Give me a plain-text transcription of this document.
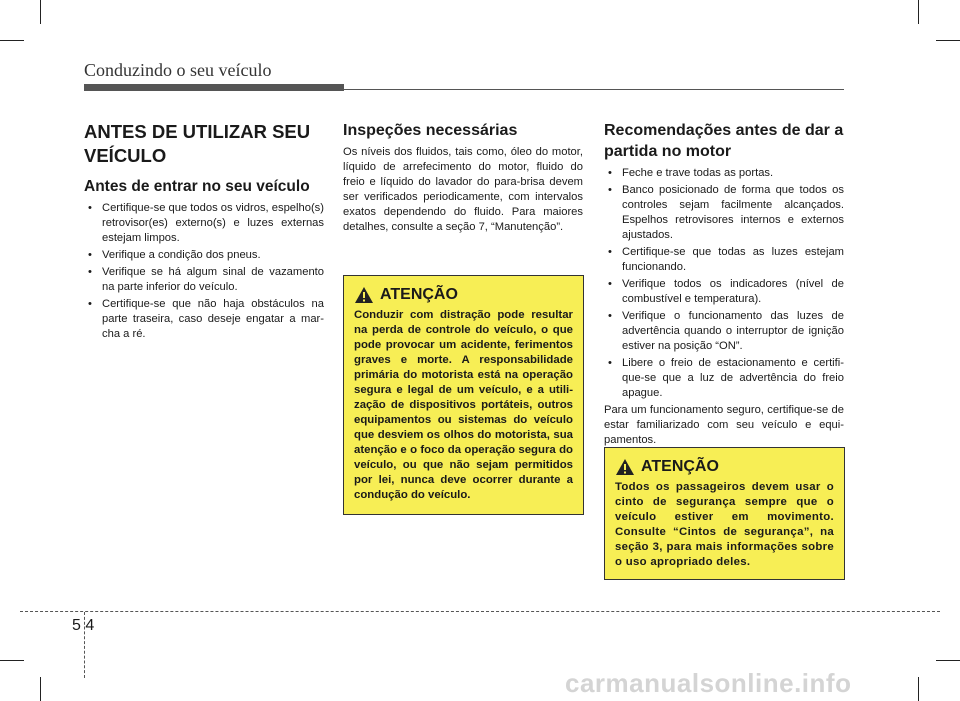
Conduzindo o seu veículo
ANTES DE UTILIZAR SEU VEÍCULO
Antes de entrar no seu veículo
• Certifique-se que todos os vidros, espelho(s) retrovisor(es) externo(s) e luzes externas estejam limpos.
• Verifique a condição dos pneus.
• Verifique se há algum sinal de vazamento na parte inferior do veículo.
• Certifique-se que não haja obstáculos na parte traseira, caso deseje engatar a marcha a ré.
Inspeções necessárias

Os níveis dos fluidos, tais como, óleo do motor, líquido de arrefecimento do motor, fluido do freio e líquido do lavador do para-brisa devem ser verificados periodicamente, com intervalos exatos dependendo do fluido. Para maiores detalhes, consulte a seção 7, “Manutenção”.

ATENÇÃO
Conduzir com distração pode resultar na perda de controle do veículo, o que pode provocar um acidente, ferimentos graves e morte. A responsabilidade primária do motorista está na operação segura e legal de um veículo, e a utilização de dispositivos portáteis, outros equipamentos ou sistemas do veículo que desviem os olhos do motorista, sua atenção e o foco da operação segura do veículo, ou que não sejam permitidos por lei, nunca deve ocorrer durante a condução do veículo.
Recomendações antes de dar a partida no motor
• Feche e trave todas as portas.
• Banco posicionado de forma que todos os controles sejam facilmente alcançados. Espelhos retrovisores internos e externos ajustados.
• Certifique-se que todas as luzes estejam funcionando.
• Verifique todos os indicadores (nível de combustível e temperatura).
• Verifique o funcionamento das luzes de advertência quando o interruptor de ignição estiver na posição “ON”.
• Libere o freio de estacionamento e certifique-se que a luz de advertência do freio apague.

Para um funcionamento seguro, certifique-se de estar familiarizado com seu veículo e equipamentos.

ATENÇÃO
Todos os passageiros devem usar o cinto de segurança sempre que o veículo estiver em movimento. Consulte “Cintos de segurança”, na seção 3, para mais informações sobre o uso apropriado deles.
5 4
carmanualsonline.info
